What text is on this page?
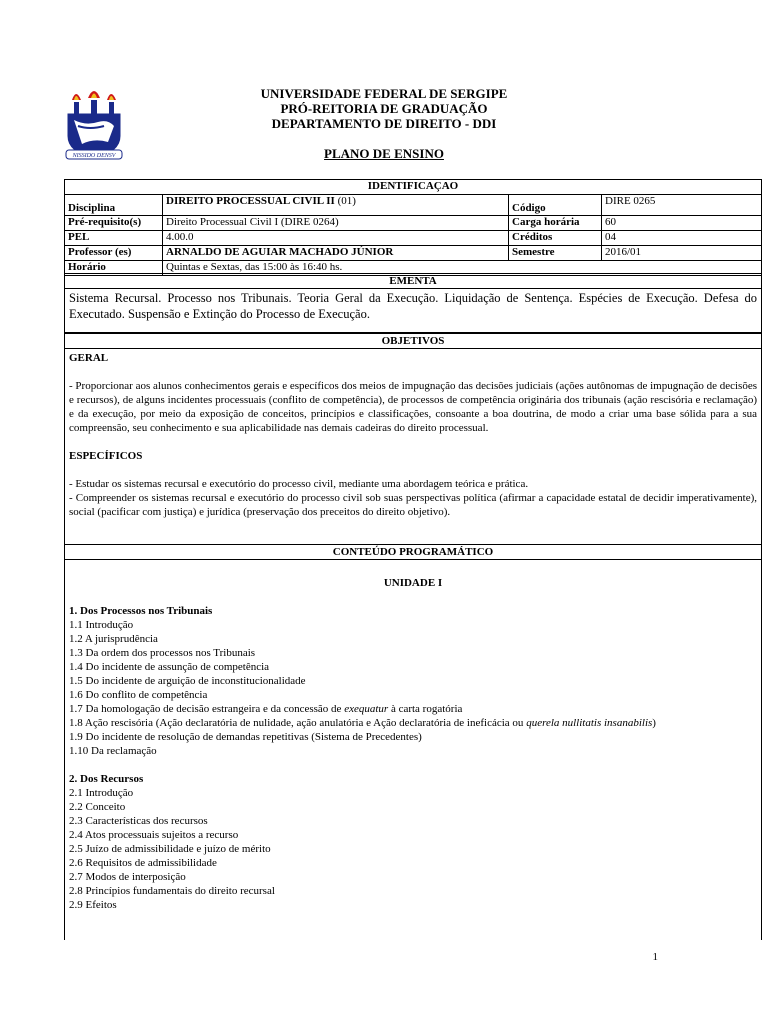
NISSIDO DENSV
UNIVERSIDADE FEDERAL DE SERGIPE
PRÓ-REITORIA DE GRADUAÇÃO
DEPARTAMENTO DE DIREITO - DDI
PLANO DE ENSINO
IDENTIFICAÇAO			
Disciplina	DIREITO PROCESSUAL CIVIL II (01)	Código	DIRE 0265
Pré-requisito(s)	Direito Processual Civil I (DIRE 0264)	Carga horária	60
PEL	4.00.0	Créditos	04
Professor (es)	ARNALDO DE AGUIAR MACHADO JÚNIOR	Semestre	2016/01
Horário	Quintas e Sextas, das 15:00 às 16:40 hs.		
EMENTA
Sistema Recursal. Processo nos Tribunais. Teoria Geral da Execução. Liquidação de Sentença. Espécies de Execução. Defesa do Executado. Suspensão e Extinção do Processo de Execução.
OBJETIVOS
GERAL
- Proporcionar aos alunos conhecimentos gerais e específicos dos meios de impugnação das decisões judiciais (ações autônomas de impugnação de decisões e recursos), de alguns incidentes processuais (conflito de competência), de processos de competência originária dos tribunais (ação rescisória e reclamação) e da execução, por meio da exposição de conceitos, princípios e classificações, consoante a boa doutrina, de modo a criar uma base sólida para a sua compreensão, seu conhecimento e sua aplicabilidade nas demais cadeiras do direito processual.
ESPECÍFICOS
- Estudar os sistemas recursal e executório do processo civil, mediante uma abordagem teórica e prática.
- Compreender os sistemas recursal e executório do processo civil sob suas perspectivas política (afirmar a capacidade estatal de decidir imperativamente), social (pacificar com justiça) e jurídica (preservação dos preceitos do direito objetivo).
CONTEÚDO PROGRAMÁTICO
UNIDADE I
1. Dos Processos nos Tribunais
1.1 Introdução
1.2 A jurisprudência
1.3 Da ordem dos processos nos Tribunais
1.4 Do incidente de assunção de competência
1.5 Do incidente de arguição de inconstitucionalidade
1.6 Do conflito de competência
1.7 Da homologação de decisão estrangeira e da concessão de exequatur à carta rogatória
1.8 Ação rescisória (Ação declaratória de nulidade, ação anulatória e Ação declaratória de ineficácia ou querela nullitatis insanabilis)
1.9 Do incidente de resolução de demandas repetitivas (Sistema de Precedentes)
1.10 Da reclamação
2. Dos Recursos
2.1 Introdução
2.2 Conceito
2.3 Características dos recursos
2.4 Atos processuais sujeitos a recurso
2.5 Juízo de admissibilidade e juízo de mérito
2.6 Requisitos de admissibilidade
2.7 Modos de interposição
2.8 Princípios fundamentais do direito recursal
2.9 Efeitos
1
